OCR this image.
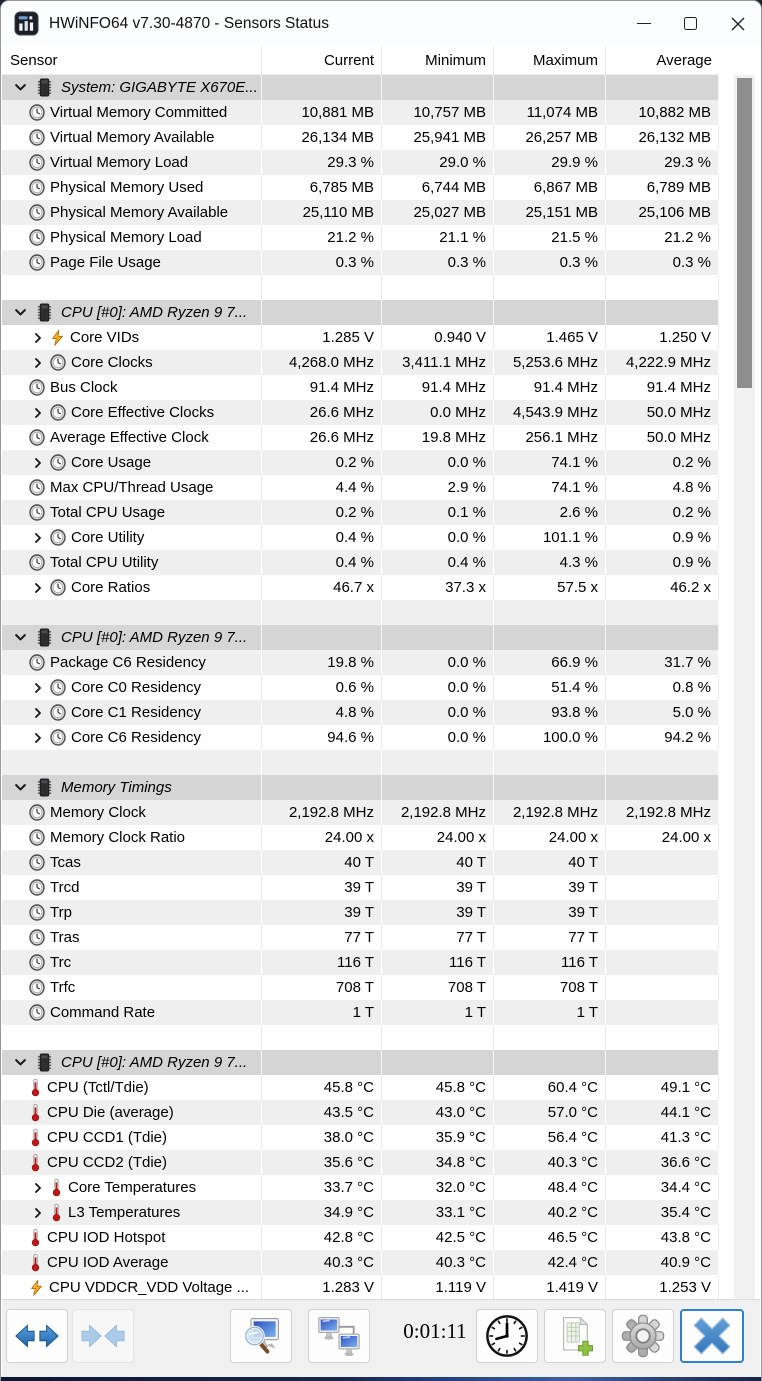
HWiNFO64 v7.30-4870 - Sensors Status
Sensor	Current	Minimum	Maximum	Average
System: GIGABYTE X670E...
Virtual Memory Committed	10,881 MB	10,757 MB	11,074 MB	10,882 MB
Virtual Memory Available	26,134 MB	25,941 MB	26,257 MB	26,132 MB
Virtual Memory Load	29.3 %	29.0 %	29.9 %	29.3 %
Physical Memory Used	6,785 MB	6,744 MB	6,867 MB	6,789 MB
Physical Memory Available	25,110 MB	25,027 MB	25,151 MB	25,106 MB
Physical Memory Load	21.2 %	21.1 %	21.5 %	21.2 %
Page File Usage	0.3 %	0.3 %	0.3 %	0.3 %
CPU [#0]: AMD Ryzen 9 7...
Core VIDs	1.285 V	0.940 V	1.465 V	1.250 V
Core Clocks	4,268.0 MHz	3,411.1 MHz	5,253.6 MHz	4,222.9 MHz
Bus Clock	91.4 MHz	91.4 MHz	91.4 MHz	91.4 MHz
Core Effective Clocks	26.6 MHz	0.0 MHz	4,543.9 MHz	50.0 MHz
Average Effective Clock	26.6 MHz	19.8 MHz	256.1 MHz	50.0 MHz
Core Usage	0.2 %	0.0 %	74.1 %	0.2 %
Max CPU/Thread Usage	4.4 %	2.9 %	74.1 %	4.8 %
Total CPU Usage	0.2 %	0.1 %	2.6 %	0.2 %
Core Utility	0.4 %	0.0 %	101.1 %	0.9 %
Total CPU Utility	0.4 %	0.4 %	4.3 %	0.9 %
Core Ratios	46.7 x	37.3 x	57.5 x	46.2 x
CPU [#0]: AMD Ryzen 9 7...
Package C6 Residency	19.8 %	0.0 %	66.9 %	31.7 %
Core C0 Residency	0.6 %	0.0 %	51.4 %	0.8 %
Core C1 Residency	4.8 %	0.0 %	93.8 %	5.0 %
Core C6 Residency	94.6 %	0.0 %	100.0 %	94.2 %
Memory Timings
Memory Clock	2,192.8 MHz	2,192.8 MHz	2,192.8 MHz	2,192.8 MHz
Memory Clock Ratio	24.00 x	24.00 x	24.00 x	24.00 x
Tcas	40 T	40 T	40 T
Trcd	39 T	39 T	39 T
Trp	39 T	39 T	39 T
Tras	77 T	77 T	77 T
Trc	116 T	116 T	116 T
Trfc	708 T	708 T	708 T
Command Rate	1 T	1 T	1 T
CPU [#0]: AMD Ryzen 9 7...
CPU (Tctl/Tdie)	45.8 °C	45.8 °C	60.4 °C	49.1 °C
CPU Die (average)	43.5 °C	43.0 °C	57.0 °C	44.1 °C
CPU CCD1 (Tdie)	38.0 °C	35.9 °C	56.4 °C	41.3 °C
CPU CCD2 (Tdie)	35.6 °C	34.8 °C	40.3 °C	36.6 °C
Core Temperatures	33.7 °C	32.0 °C	48.4 °C	34.4 °C
L3 Temperatures	34.9 °C	33.1 °C	40.2 °C	35.4 °C
CPU IOD Hotspot	42.8 °C	42.5 °C	46.5 °C	43.8 °C
CPU IOD Average	40.3 °C	40.3 °C	42.4 °C	40.9 °C
CPU VDDCR_VDD Voltage ...	1.283 V	1.119 V	1.419 V	1.253 V
0:01:11
